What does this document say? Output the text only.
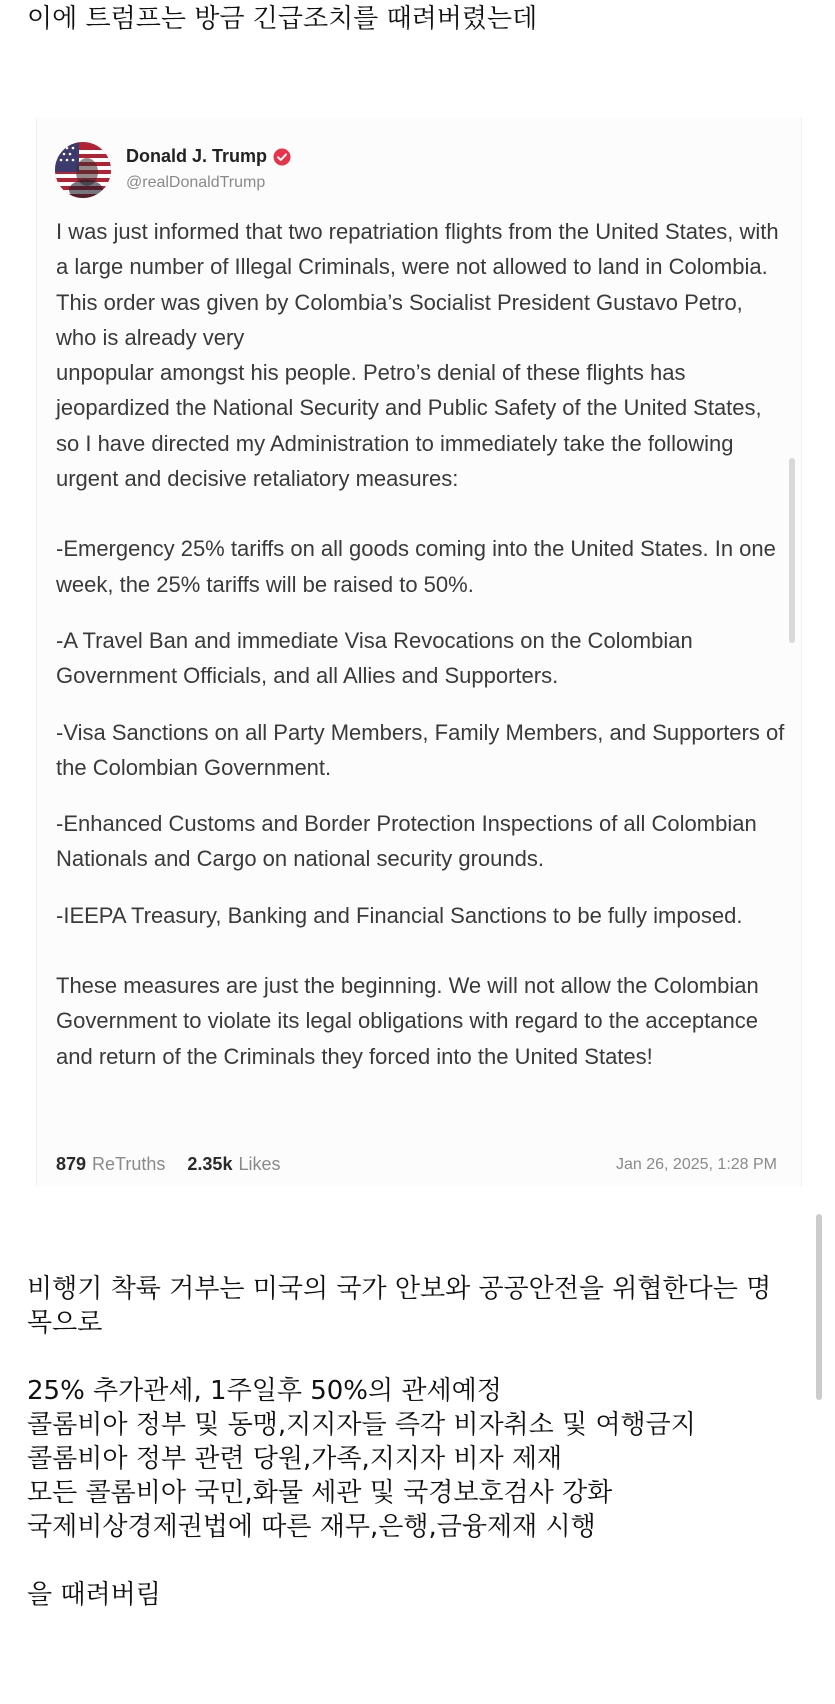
이에 트럼프는 방금 긴급조치를 때려버렸는데
Donald J. Trump
@realDonaldTrump

I was just informed that two repatriation flights from the United States, with a large number of Illegal Criminals, were not allowed to land in Colombia. This order was given by Colombia’s Socialist President Gustavo Petro, who is already very

unpopular amongst his people. Petro’s denial of these flights has jeopardized the National Security and Public Safety of the United States, so I have directed my Administration to immediately take the following urgent and decisive retaliatory measures:

-Emergency 25% tariffs on all goods coming into the United States. In one week, the 25% tariffs will be raised to 50%.

-A Travel Ban and immediate Visa Revocations on the Colombian Government Officials, and all Allies and Supporters.

-Visa Sanctions on all Party Members, Family Members, and Supporters of the Colombian Government.

-Enhanced Customs and Border Protection Inspections of all Colombian Nationals and Cargo on national security grounds.

-IEEPA Treasury, Banking and Financial Sanctions to be fully imposed.

These measures are just the beginning. We will not allow the Colombian Government to violate its legal obligations with regard to the acceptance and return of the Criminals they forced into the United States!

879 ReTruths 2.35k Likes	Jan 26, 2025, 1:28 PM

비행기 착륙 거부는 미국의 국가 안보와 공공안전을 위협한다는 명

목으로

25% 추가관세, 1주일후 50%의 관세예정

콜롬비아 정부 및 동맹,지지자들 즉각 비자취소 및 여행금지

콜롬비아 정부 관련 당원,가족,지지자 비자 제재

모든 콜롬비아 국민,화물 세관 및 국경보호검사 강화

국제비상경제권법에 따른 재무,은행,금융제재 시행

을 때려버림
